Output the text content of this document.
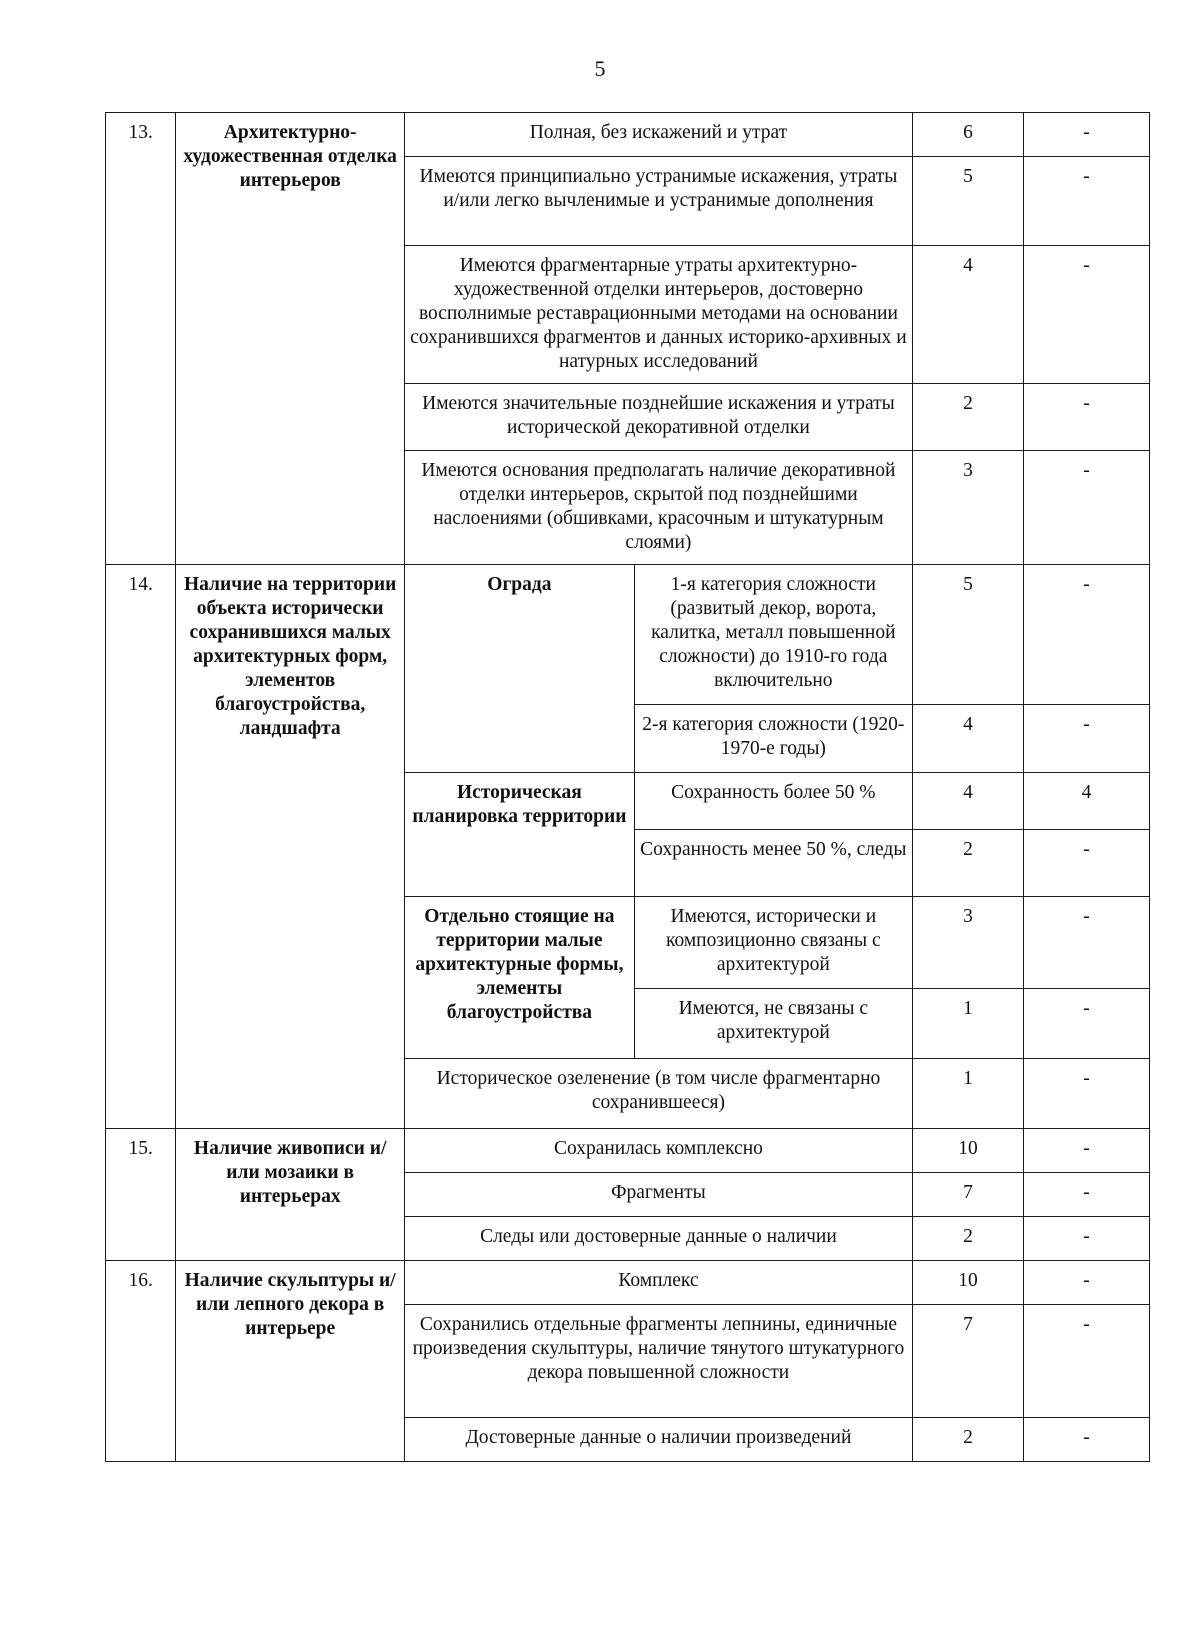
5
13.	Архитектурно-художественная отделка интерьеров	Полная, без искажений и утрат		6	-
		Имеются принципиально устранимые искажения, утраты и/или легко вычленимые и устранимые дополнения		5	-
		Имеются фрагментарные утраты архитектурно-художественной отделки интерьеров, достоверно восполнимые реставрационными методами на основании сохранившихся фрагментов и данных историко-архивных и натурных исследований		4	-
		Имеются значительные позднейшие искажения и утраты исторической декоративной отделки		2	-
		Имеются основания предполагать наличие декоративной отделки интерьеров, скрытой под позднейшими наслоениями (обшивками, красочным и штукатурным слоями)		3	-
14.	Наличие на территории объекта исторически сохранившихся малых архитектурных форм, элементов благоустройства, ландшафта	Ограда	1-я категория сложности (развитый декор, ворота, калитка, металл повышенной сложности) до 1910-го года включительно	5	-
			2-я категория сложности (1920-1970-е годы)	4	-
		Историческая планировка территории	Сохранность более 50 %	4	4
			Сохранность менее 50 %, следы	2	-
		Отдельно стоящие на территории малые архитектурные формы, элементы благоустройства	Имеются, исторически и композиционно связаны с архитектурой	3	-
			Имеются, не связаны с архитектурой	1	-
		Историческое озеленение (в том числе фрагментарно сохранившееся)		1	-
15.	Наличие живописи и/или мозаики в интерьерах	Сохранилась комплексно		10	-
		Фрагменты		7	-
		Следы или достоверные данные о наличии		2	-
16.	Наличие скульптуры и/или лепного декора в интерьере	Комплекс		10	-
		Сохранились отдельные фрагменты лепнины, единичные произведения скульптуры, наличие тянутого штукатурного декора повышенной сложности		7	-
		Достоверные данные о наличии произведений		2	-
